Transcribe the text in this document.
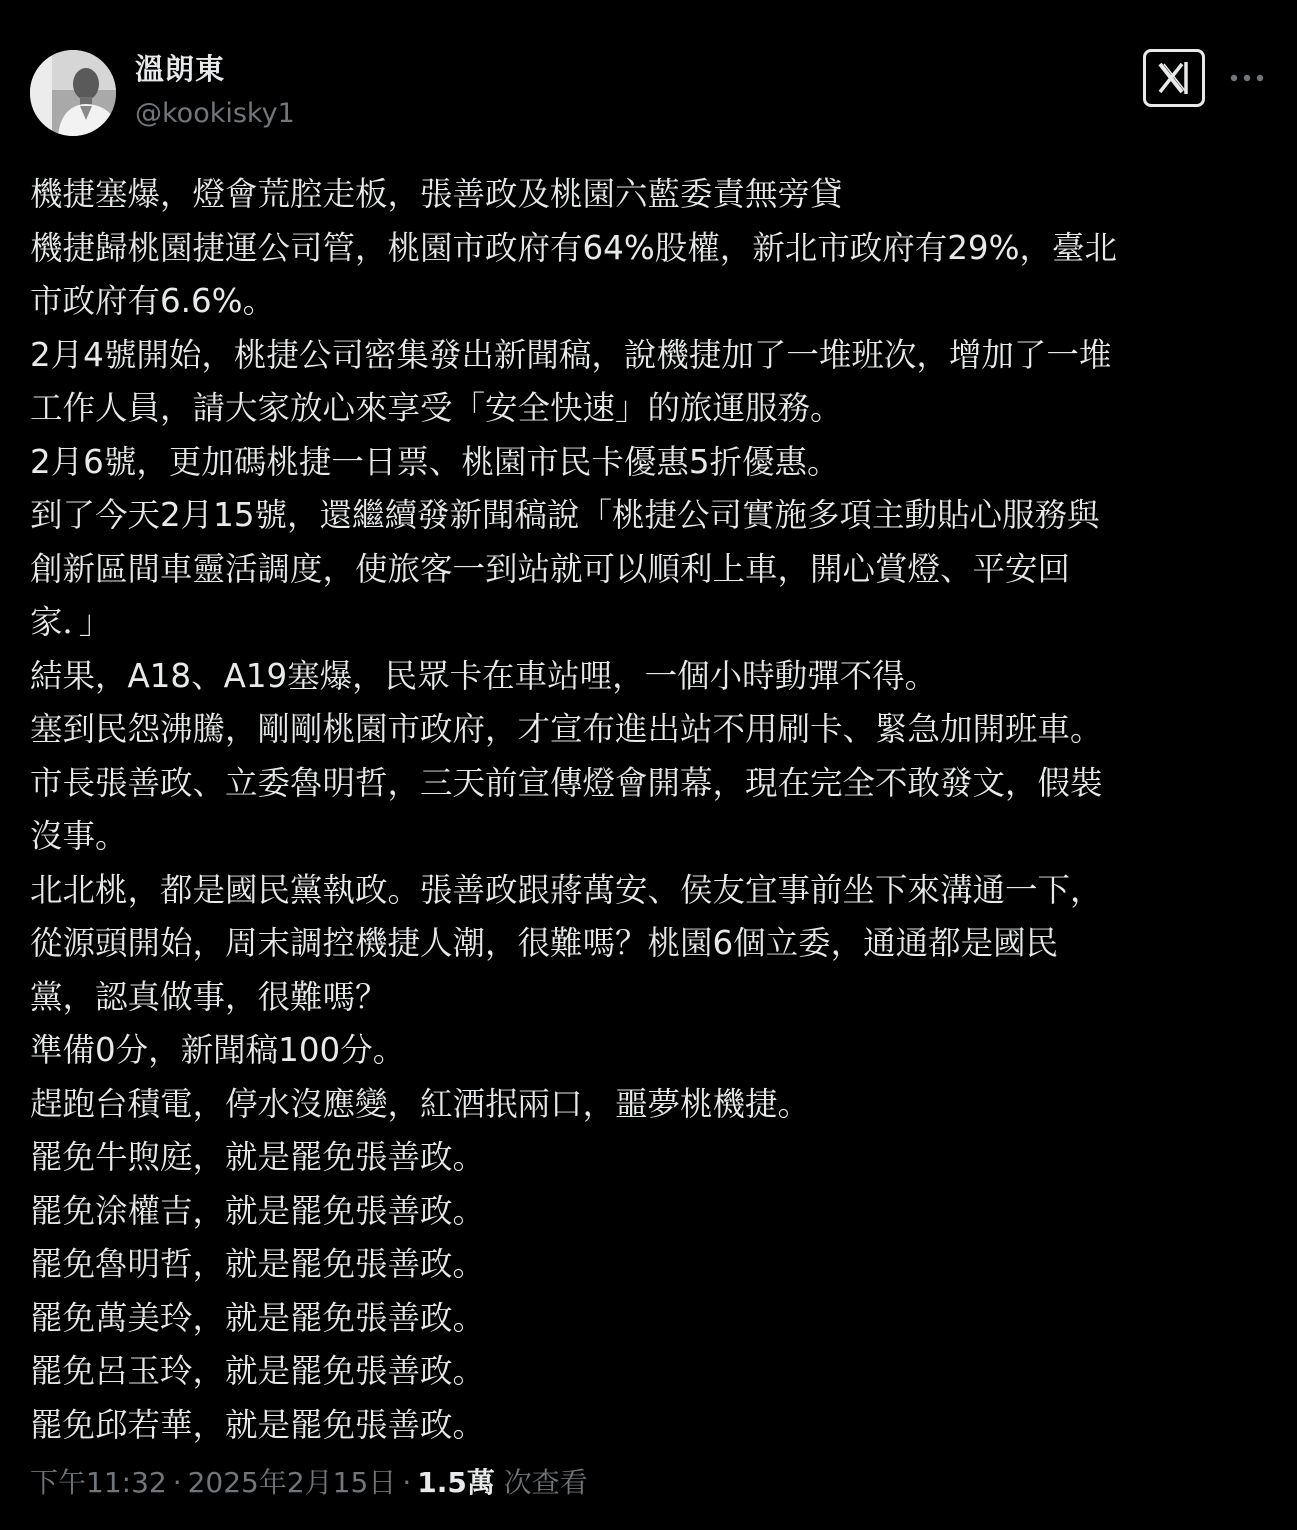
溫朗東
@kookisky1
機捷塞爆，燈會荒腔走板，張善政及桃園六藍委責無旁貸
機捷歸桃園捷運公司管，桃園市政府有64%股權，新北市政府有29%，臺北
市政府有6.6%。
2月4號開始，桃捷公司密集發出新聞稿，說機捷加了一堆班次，增加了一堆
工作人員，請大家放心來享受「安全快速」的旅運服務。
2月6號，更加碼桃捷一日票、桃園市民卡優惠5折優惠。
到了今天2月15號，還繼續發新聞稿說「桃捷公司實施多項主動貼心服務與
創新區間車靈活調度，使旅客一到站就可以順利上車，開心賞燈、平安回
家．」
結果，A18、A19塞爆，民眾卡在車站哩，一個小時動彈不得。
塞到民怨沸騰，剛剛桃園市政府，才宣布進出站不用刷卡、緊急加開班車。
市長張善政、立委魯明哲，三天前宣傳燈會開幕，現在完全不敢發文，假裝
沒事。
北北桃，都是國民黨執政。張善政跟蔣萬安、侯友宜事前坐下來溝通一下，
從源頭開始，周末調控機捷人潮，很難嗎？桃園6個立委，通通都是國民
黨，認真做事，很難嗎？
準備0分，新聞稿100分。
趕跑台積電，停水沒應變，紅酒抿兩口，噩夢桃機捷。
罷免牛煦庭，就是罷免張善政。
罷免涂權吉，就是罷免張善政。
罷免魯明哲，就是罷免張善政。
罷免萬美玲，就是罷免張善政。
罷免呂玉玲，就是罷免張善政。
罷免邱若華，就是罷免張善政。
下午11:32 · 2025年2月15日 · 1.5萬 次查看
